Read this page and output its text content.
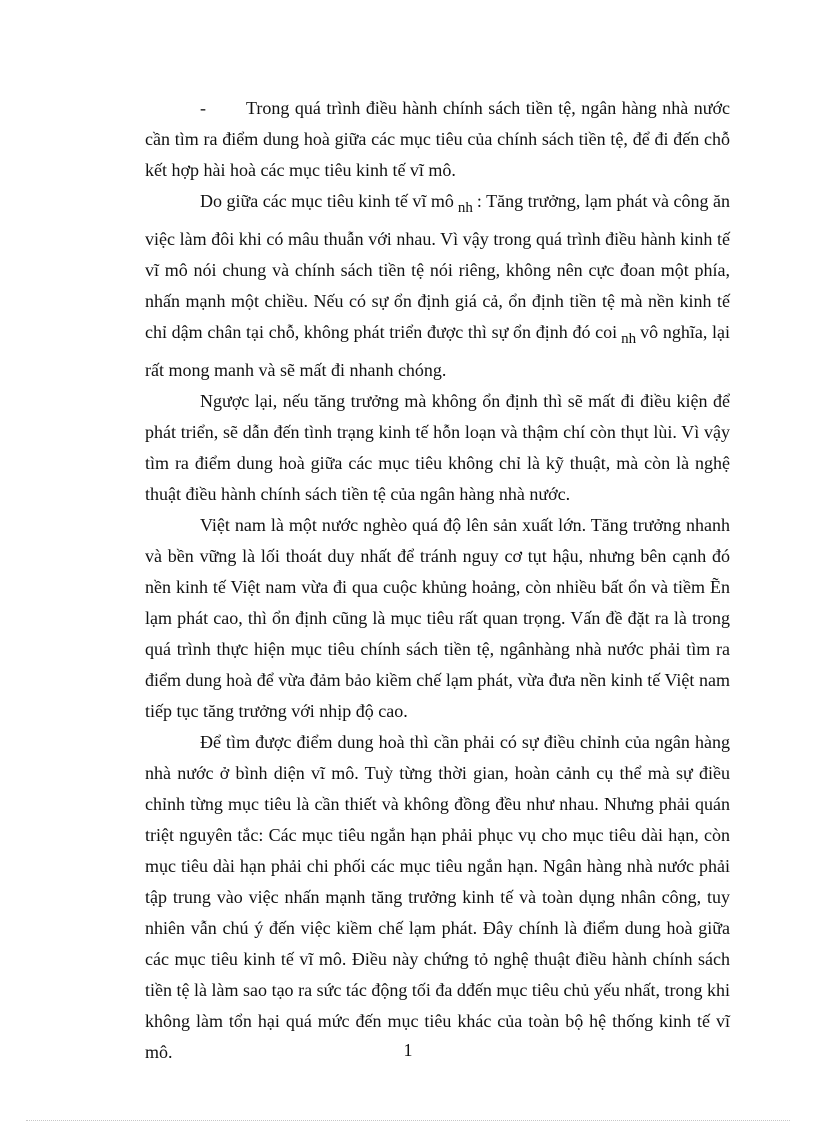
- Trong quá trình điều hành chính sách tiền tệ, ngân hàng nhà nước cần tìm ra điểm dung hoà giữa các mục tiêu của chính sách tiền tệ, để đi đến chỗ kết hợp hài hoà các mục tiêu kinh tế vĩ mô.

Do giữa các mục tiêu kinh tế vĩ mô $_{nh}$ : Tăng trưởng, lạm phát và công ăn việc làm đôi khi có mâu thuẫn với nhau. Vì vậy trong quá trình điều hành kinh tế vĩ mô nói chung và chính sách tiền tệ nói riêng, không nên cực đoan một phía, nhấn mạnh một chiều. Nếu có sự ổn định giá cả, ổn định tiền tệ mà nền kinh tế chỉ dậm chân tại chỗ, không phát triển được thì sự ổn định đó coi $_{nh}$ vô nghĩa, lại rất mong manh và sẽ mất đi nhanh chóng.

Ngược lại, nếu tăng trưởng mà không ổn định thì sẽ mất đi điều kiện để phát triển, sẽ dẫn đến tình trạng kinh tế hỗn loạn và thậm chí còn thụt lùi. Vì vậy tìm ra điểm dung hoà giữa các mục tiêu không chỉ là kỹ thuật, mà còn là nghệ thuật điều hành chính sách tiền tệ của ngân hàng nhà nước.

Việt nam là một nước nghèo quá độ lên sản xuất lớn. Tăng trưởng nhanh và bền vững là lối thoát duy nhất để tránh nguy cơ tụt hậu, nhưng bên cạnh đó nền kinh tế Việt nam vừa đi qua cuộc khủng hoảng, còn nhiều bất ổn và tiềm Ẽn lạm phát cao, thì ổn định cũng là mục tiêu rất quan trọng. Vấn đề đặt ra là trong quá trình thực hiện mục tiêu chính sách tiền tệ, ngânhàng nhà nước phải tìm ra điểm dung hoà để vừa đảm bảo kiềm chế lạm phát, vừa đưa nền kinh tế Việt nam tiếp tục tăng trưởng với nhịp độ cao.

Để tìm được điểm dung hoà thì cần phải có sự điều chỉnh của ngân hàng nhà nước ở bình diện vĩ mô. Tuỳ từng thời gian, hoàn cảnh cụ thể mà sự điều chỉnh từng mục tiêu là cần thiết và không đồng đều như nhau. Nhưng phải quán triệt nguyên tắc: Các mục tiêu ngắn hạn phải phục vụ cho mục tiêu dài hạn, còn mục tiêu dài hạn phải chi phối các mục tiêu ngắn hạn. Ngân hàng nhà nước phải tập trung vào việc nhấn mạnh tăng trưởng kinh tế và toàn dụng nhân công, tuy nhiên vẫn chú ý đến việc kiềm chế lạm phát. Đây chính là điểm dung hoà giữa các mục tiêu kinh tế vĩ mô. Điều này chứng tỏ nghệ thuật điều hành chính sách tiền tệ là làm sao tạo ra sức tác động tối đa dđến mục tiêu chủ yếu nhất, trong khi không làm tổn hại quá mức đến mục tiêu khác của toàn bộ hệ thống kinh tế vĩ mô.	1
